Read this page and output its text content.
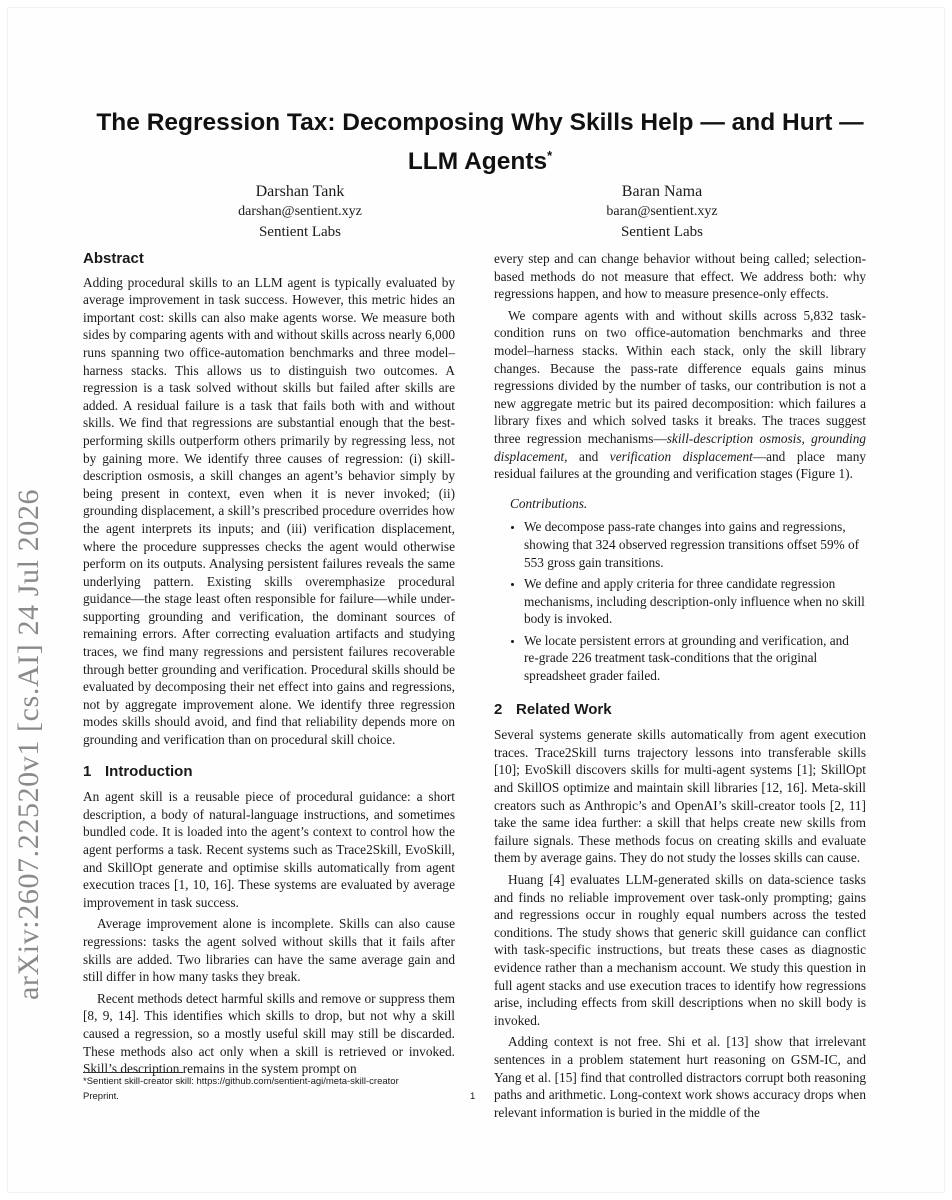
arXiv:2607.22520v1 [cs.AI] 24 Jul 2026
The Regression Tax: Decomposing Why Skills Help — and Hurt — LLM Agents*
Darshan Tank
darshan@sentient.xyz
Sentient Labs
Baran Nama
baran@sentient.xyz
Sentient Labs
Abstract

Adding procedural skills to an LLM agent is typically evaluated by average improvement in task success. However, this metric hides an important cost: skills can also make agents worse. We measure both sides by comparing agents with and without skills across nearly 6,000 runs spanning two office-automation benchmarks and three model–harness stacks. This allows us to distinguish two outcomes. A regression is a task solved without skills but failed after skills are added. A residual failure is a task that fails both with and without skills. We find that regressions are substantial enough that the best-performing skills outperform others primarily by regressing less, not by gaining more. We identify three causes of regression: (i) skill-description osmosis, a skill changes an agent’s behavior simply by being present in context, even when it is never invoked; (ii) grounding displacement, a skill’s prescribed procedure overrides how the agent interprets its inputs; and (iii) verification displacement, where the procedure suppresses checks the agent would otherwise perform on its outputs. Analysing persistent failures reveals the same underlying pattern. Existing skills overemphasize procedural guidance—the stage least often responsible for failure—while under-supporting grounding and verification, the dominant sources of remaining errors. After correcting evaluation artifacts and studying traces, we find many regressions and persistent failures recoverable through better grounding and verification. Procedural skills should be evaluated by decomposing their net effect into gains and regressions, not by aggregate improvement alone. We identify three regression modes skills should avoid, and find that reliability depends more on grounding and verification than on procedural skill choice.

1 Introduction

An agent skill is a reusable piece of procedural guidance: a short description, a body of natural-language instructions, and sometimes bundled code. It is loaded into the agent’s context to control how the agent performs a task. Recent systems such as Trace2Skill, EvoSkill, and SkillOpt generate and optimise skills automatically from agent execution traces [1, 10, 16]. These systems are evaluated by average improvement in task success.

Average improvement alone is incomplete. Skills can also cause regressions: tasks the agent solved without skills that it fails after skills are added. Two libraries can have the same average gain and still differ in how many tasks they break.

Recent methods detect harmful skills and remove or suppress them [8, 9, 14]. This identifies which skills to drop, but not why a skill caused a regression, so a mostly useful skill may still be discarded. These methods also act only when a skill is retrieved or invoked. Skill’s description remains in the system prompt on

every step and can change behavior without being called; selection-based methods do not measure that effect. We address both: why regressions happen, and how to measure presence-only effects.

We compare agents with and without skills across 5,832 task-condition runs on two office-automation benchmarks and three model–harness stacks. Within each stack, only the skill library changes. Because the pass-rate difference equals gains minus regressions divided by the number of tasks, our contribution is not a new aggregate metric but its paired decomposition: which failures a library fixes and which solved tasks it breaks. The traces suggest three regression mechanisms—skill-description osmosis, grounding displacement, and verification displacement—and place many residual failures at the grounding and verification stages (Figure 1).

Contributions.
• We decompose pass-rate changes into gains and regressions, showing that 324 observed regression transitions offset 59% of 553 gross gain transitions.
• We define and apply criteria for three candidate regression mechanisms, including description-only influence when no skill body is invoked.
• We locate persistent errors at grounding and verification, and re-grade 226 treatment task-conditions that the original spreadsheet grader failed.
2 Related Work

Several systems generate skills automatically from agent execution traces. Trace2Skill turns trajectory lessons into transferable skills [10]; EvoSkill discovers skills for multi-agent systems [1]; SkillOpt and SkillOS optimize and maintain skill libraries [12, 16]. Meta-skill creators such as Anthropic’s and OpenAI’s skill-creator tools [2, 11] take the same idea further: a skill that helps create new skills from failure signals. These methods focus on creating skills and evaluate them by average gains. They do not study the losses skills can cause.

Huang [4] evaluates LLM-generated skills on data-science tasks and finds no reliable improvement over task-only prompting; gains and regressions occur in roughly equal numbers across the tested conditions. The study shows that generic skill guidance can conflict with task-specific instructions, but treats these cases as diagnostic evidence rather than a mechanism account. We study this question in full agent stacks and use execution traces to identify how regressions arise, including effects from skill descriptions when no skill body is invoked.

Adding context is not free. Shi et al. [13] show that irrelevant sentences in a problem statement hurt reasoning on GSM-IC, and Yang et al. [15] find that controlled distractors corrupt both reasoning paths and arithmetic. Long-context work shows accuracy drops when relevant information is buried in the middle of the

*Sentient skill-creator skill: https://github.com/sentient-agi/meta-skill-creator
Preprint.	1
